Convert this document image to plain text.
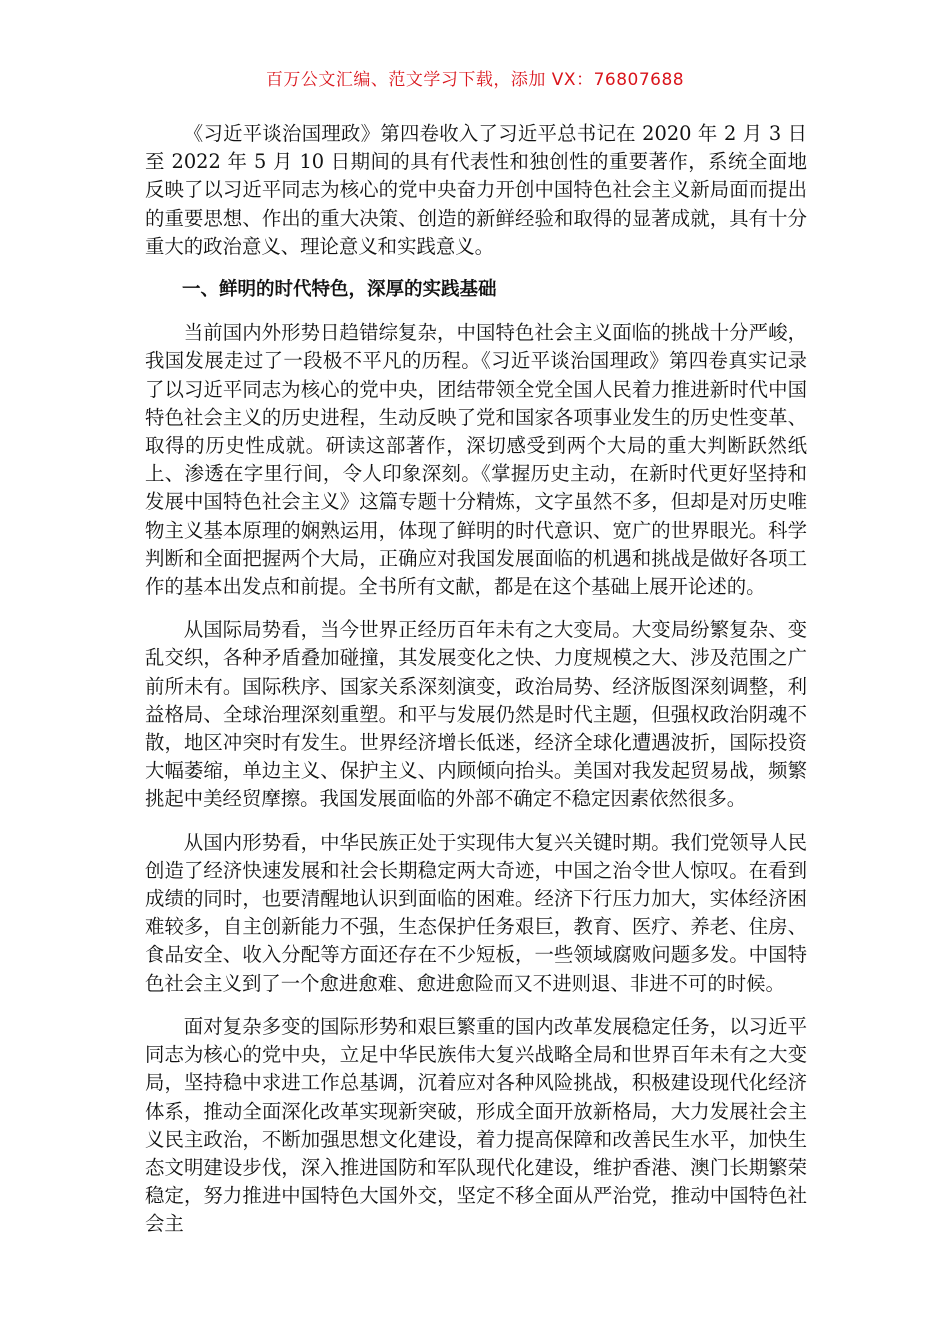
百万公文汇编、范文学习下载，添加 VX：76807688

《习近平谈治国理政》第四卷收入了习近平总书记在 2020 年 2 月 3 日至 2022 年 5 月 10 日期间的具有代表性和独创性的重要著作，系统全面地反映了以习近平同志为核心的党中央奋力开创中国特色社会主义新局面而提出的重要思想、作出的重大决策、创造的新鲜经验和取得的显著成就，具有十分重大的政治意义、理论意义和实践意义。

一、鲜明的时代特色，深厚的实践基础

当前国内外形势日趋错综复杂，中国特色社会主义面临的挑战十分严峻，我国发展走过了一段极不平凡的历程。《习近平谈治国理政》第四卷真实记录了以习近平同志为核心的党中央，团结带领全党全国人民着力推进新时代中国特色社会主义的历史进程，生动反映了党和国家各项事业发生的历史性变革、取得的历史性成就。研读这部著作，深切感受到两个大局的重大判断跃然纸上、渗透在字里行间，令人印象深刻。《掌握历史主动，在新时代更好坚持和发展中国特色社会主义》这篇专题十分精炼，文字虽然不多，但却是对历史唯物主义基本原理的娴熟运用，体现了鲜明的时代意识、宽广的世界眼光。科学判断和全面把握两个大局，正确应对我国发展面临的机遇和挑战是做好各项工作的基本出发点和前提。全书所有文献，都是在这个基础上展开论述的。

从国际局势看，当今世界正经历百年未有之大变局。大变局纷繁复杂、变乱交织，各种矛盾叠加碰撞，其发展变化之快、力度规模之大、涉及范围之广前所未有。国际秩序、国家关系深刻演变，政治局势、经济版图深刻调整，利益格局、全球治理深刻重塑。和平与发展仍然是时代主题，但强权政治阴魂不散，地区冲突时有发生。世界经济增长低迷，经济全球化遭遇波折，国际投资大幅萎缩，单边主义、保护主义、内顾倾向抬头。美国对我发起贸易战，频繁挑起中美经贸摩擦。我国发展面临的外部不确定不稳定因素依然很多。

从国内形势看，中华民族正处于实现伟大复兴关键时期。我们党领导人民创造了经济快速发展和社会长期稳定两大奇迹，中国之治令世人惊叹。在看到成绩的同时，也要清醒地认识到面临的困难。经济下行压力加大，实体经济困难较多，自主创新能力不强，生态保护任务艰巨，教育、医疗、养老、住房、食品安全、收入分配等方面还存在不少短板，一些领域腐败问题多发。中国特色社会主义到了一个愈进愈难、愈进愈险而又不进则退、非进不可的时候。

面对复杂多变的国际形势和艰巨繁重的国内改革发展稳定任务，以习近平同志为核心的党中央，立足中华民族伟大复兴战略全局和世界百年未有之大变局，坚持稳中求进工作总基调，沉着应对各种风险挑战，积极建设现代化经济体系，推动全面深化改革实现新突破，形成全面开放新格局，大力发展社会主义民主政治，不断加强思想文化建设，着力提高保障和改善民生水平，加快生态文明建设步伐，深入推进国防和军队现代化建设，维护香港、澳门长期繁荣稳定，努力推进中国特色大国外交，坚定不移全面从严治党，推动中国特色社会主
